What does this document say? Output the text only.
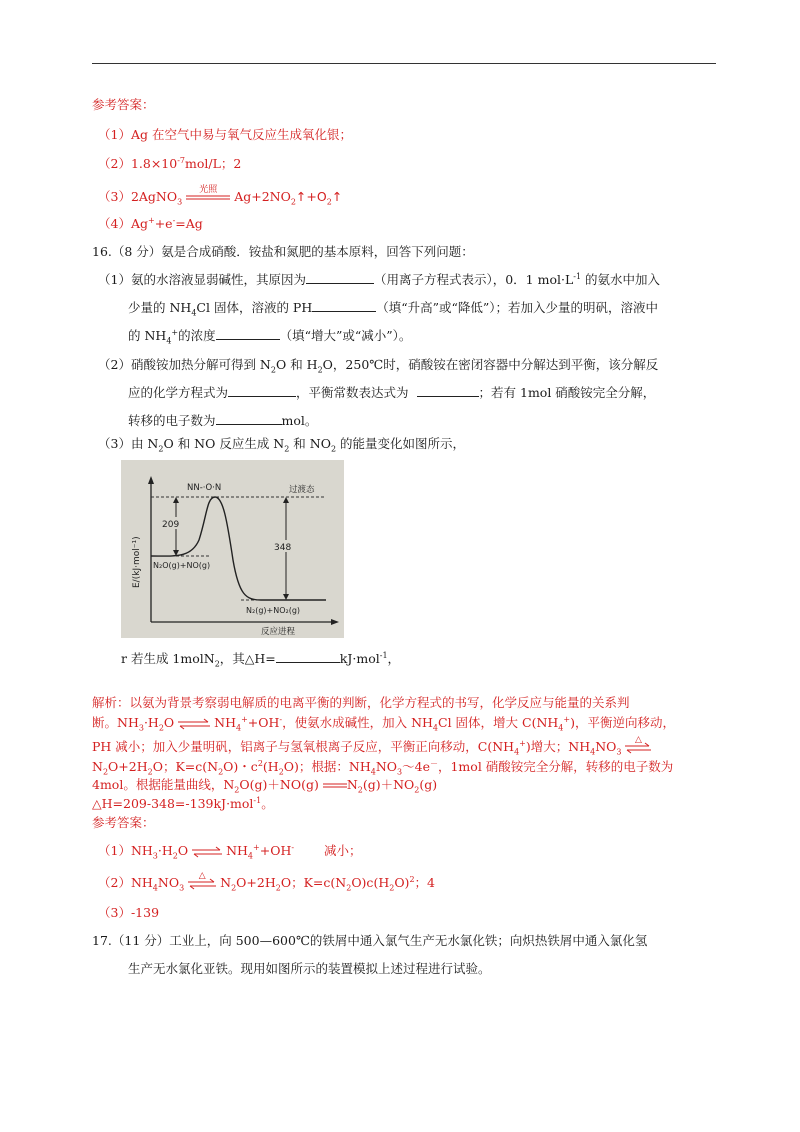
参考答案：
（1）Ag 在空气中易与氧气反应生成氧化银；
$(2)1.8\times 10^{-7}mol/L$；2
（3）2AgNO$_3$
光照	$Ag+2NO_2↑+O_2↑$
（4）Ag++e-=Ag
16.（8 分）氨是合成硝酸．铵盐和氮肥的基本原料，回答下列问题：
（1）氨的水溶液显弱碱性，其原因为	（用离子方程式表示），0．1 $mol\cdot L^{-1}$ 的氨水中加入
少量的 $NH_4Cl$ 固体，溶液的 PH	（填“升高”或“降低”）；若加入少量的明矾，溶液中
的 $NH_4^+$的浓度	（填“增大”或“减小”）。
（2）硝酸铵加热分解可得到 $N_2O$ 和 $H_2O$，250℃时，硝酸铵在密闭容器中分解达到平衡，该分解反
应的化学方程式为	，平衡常数表达式为	；若有 1mol 硝酸铵完全分解，
转移的电子数为	mol。
（3）由 $N_2O$ 和 NO 反应生成 $N_2$ 和 $NO_2$ 的能量变化如图所示，
E/(kJ·mol⁻¹)
209
348
NN-·O·N	过渡态
N₂O(g)+NO(g)
N₂(g)+NO₂(g)
反应进程
r 若生成 1molN$_2$，其△H=	kJ·mol$^{-1}$，
解析：以氨为背景考察弱电解质的电离平衡的判断，化学方程式的书写，化学反应与能量的关系判
断。$NH_3\cdot H_2O$ ⇌ $NH_4^++OH^-$，使氨水成碱性，加入 $NH_4Cl$ 固体，增大 $C(NH_4^+)$，平衡逆向移动，
PH 减小；加入少量明矾，铝离子与氢氧根离子反应，平衡正向移动，$C(NH_4^+)$增大；$NH_4NO_3$
△
$N_2O+2H_2O$；$K=c(N_2O)$・$c^2(H_2O)$；根据：$NH_4NO_3\sim 4e^-$，1mol 硝酸铵完全分解，转移的电子数为
4mol。根据能量曲线，$N_2O(g)+NO(g)$ $N_2(g)+NO_2(g)$
△H=209-348=-139kJ·mol$^{-1}$。
参考答案：
$(1)NH_3\cdot H_2O$ ⇌ $NH_4^++OH^-$ 减小；
$(2)NH_4NO_3$
△	$N_2O+2H_2O$；$K=c(N_2O)c(H_2O)^2$；4
（3）-139
17.（11 分）工业上，向 500—600℃的铁屑中通入氯气生产无水氯化铁；向炽热铁屑中通入氯化氢
生产无水氯化亚铁。现用如图所示的装置模拟上述过程进行试验。
